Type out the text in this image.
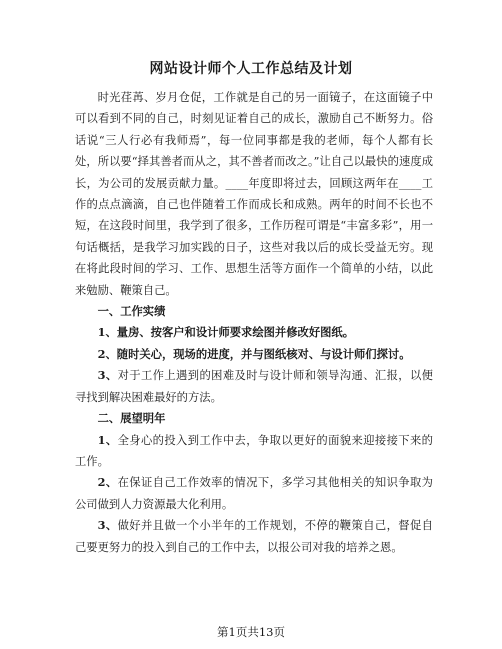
网站设计师个人工作总结及计划

时光荏苒、岁月仓促，工作就是自己的另一面镜子，在这面镜子中可以看到不同的自己，时刻见证着自己的成长，激励自己不断努力。俗话说“三人行必有我师焉”，每一位同事都是我的老师，每个人都有长处，所以要“择其善者而从之，其不善者而改之。”让自己以最快的速度成长，为公司的发展贡献力量。____年度即将过去，回顾这两年在____工作的点点滴滴，自己也伴随着工作而成长和成熟。两年的时间不长也不短，在这段时间里，我学到了很多，工作历程可谓是“丰富多彩”，用一句话概括，是我学习加实践的日子，这些对我以后的成长受益无穷。现在将此段时间的学习、工作、思想生活等方面作一个简单的小结，以此来勉励、鞭策自己。

一、工作实绩

1、量房、按客户和设计师要求绘图并修改好图纸。

2、随时关心，现场的进度，并与图纸核对、与设计师们探讨。

3、对于工作上遇到的困难及时与设计师和领导沟通、汇报，以便寻找到解决困难最好的方法。

二、展望明年

1、全身心的投入到工作中去，争取以更好的面貌来迎接接下来的工作。

2、在保证自己工作效率的情况下，多学习其他相关的知识争取为公司做到人力资源最大化利用。

3、做好并且做一个小半年的工作规划，不停的鞭策自己，督促自己要更努力的投入到自己的工作中去，以报公司对我的培养之恩。

第1页共13页
